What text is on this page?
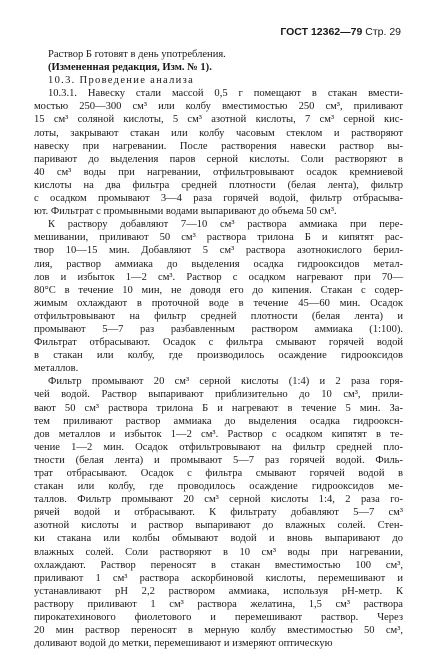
ГОСТ 12362—79 Стр. 29
Раствор Б готовят в день употребления.
(Измененная редакция, Изм. № 1).
10.3. Проведение анализа
10.3.1. Навеску стали массой 0,5 г помещают в стакан вмести-
мостью 250—300 см³ или колбу вместимостью 250 см³, приливают
15 см³ соляной кислоты, 5 см³ азотной кислоты, 7 см³ серной кис-
лоты, закрывают стакан или колбу часовым стеклом и растворяют
навеску при нагревании. После растворения навески раствор вы-
паривают до выделения паров серной кислоты. Соли растворяют в
40 см³ воды при нагревании, отфильтровывают осадок кремниевой
кислоты на два фильтра средней плотности (белая лента), фильтр
с осадком промывают 3—4 раза горячей водой, фильтр отбрасыва-
ют. Фильтрат с промывными водами выпаривают до объема 50 см³.
К раствору добавляют 7—10 см³ раствора аммиака при пере-
мешивании, приливают 50 см³ раствора трилона Б и кипятят рас-
твор 10—15 мин. Добавляют 5 см³ раствора азотнокислого берил-
лия, раствор аммиака до выделения осадка гидрооксидов метал-
лов и избыток 1—2 см³. Раствор с осадком нагревают при 70—
80°С в течение 10 мин, не доводя его до кипения. Стакан с содер-
жимым охлаждают в проточной воде в течение 45—60 мин. Осадок
отфильтровывают на фильтр средней плотности (белая лента) и
промывают 5—7 раз разбавленным раствором аммиака (1:100).
Фильтрат отбрасывают. Осадок с фильтра смывают горячей водой
в стакан или колбу, где производилось осаждение гидрооксидов
металлов.
Фильтр промывают 20 см³ серной кислоты (1:4) и 2 раза горя-
чей водой. Раствор выпаривают приблизительно до 10 см³, прили-
вают 50 см³ раствора трилона Б и нагревают в течение 5 мин. За-
тем приливают раствор аммиака до выделения осадка гидрооксн-
дов металлов и избыток 1—2 см³. Раствор с осадком кипятят в те-
чение 1—2 мин. Осадок отфильтровывают на фильтр средней пло-
тности (белая лента) и промывают 5—7 раз горячей водой. Филь-
трат отбрасывают. Осадок с фильтра смывают горячей водой в
стакан или колбу, где проводилось осаждение гидрооксидов ме-
таллов. Фильтр промывают 20 см³ серной кислоты 1:4, 2 раза го-
рячей водой и отбрасывают. К фильтрату добавляют 5—7 см³
азотной кислоты и раствор выпаривают до влажных солей. Стен-
ки стакана или колбы обмывают водой и вновь выпаривают до
влажных солей. Соли растворяют в 10 см³ воды при нагревании,
охлаждают. Раствор переносят в стакан вместимостью 100 см³,
приливают 1 см³ раствора аскорбиновой кислоты, перемешивают и
устанавливают pH 2,2 раствором аммиака, используя pH-метр. К
раствору приливают 1 см³ раствора желатина, 1,5 см³ раствора
пирокатехинового фиолетового и перемешивают раствор. Через
20 мин раствор переносят в мерную колбу вместимостью 50 см³,
доливают водой до метки, перемешивают и измеряют оптическую
